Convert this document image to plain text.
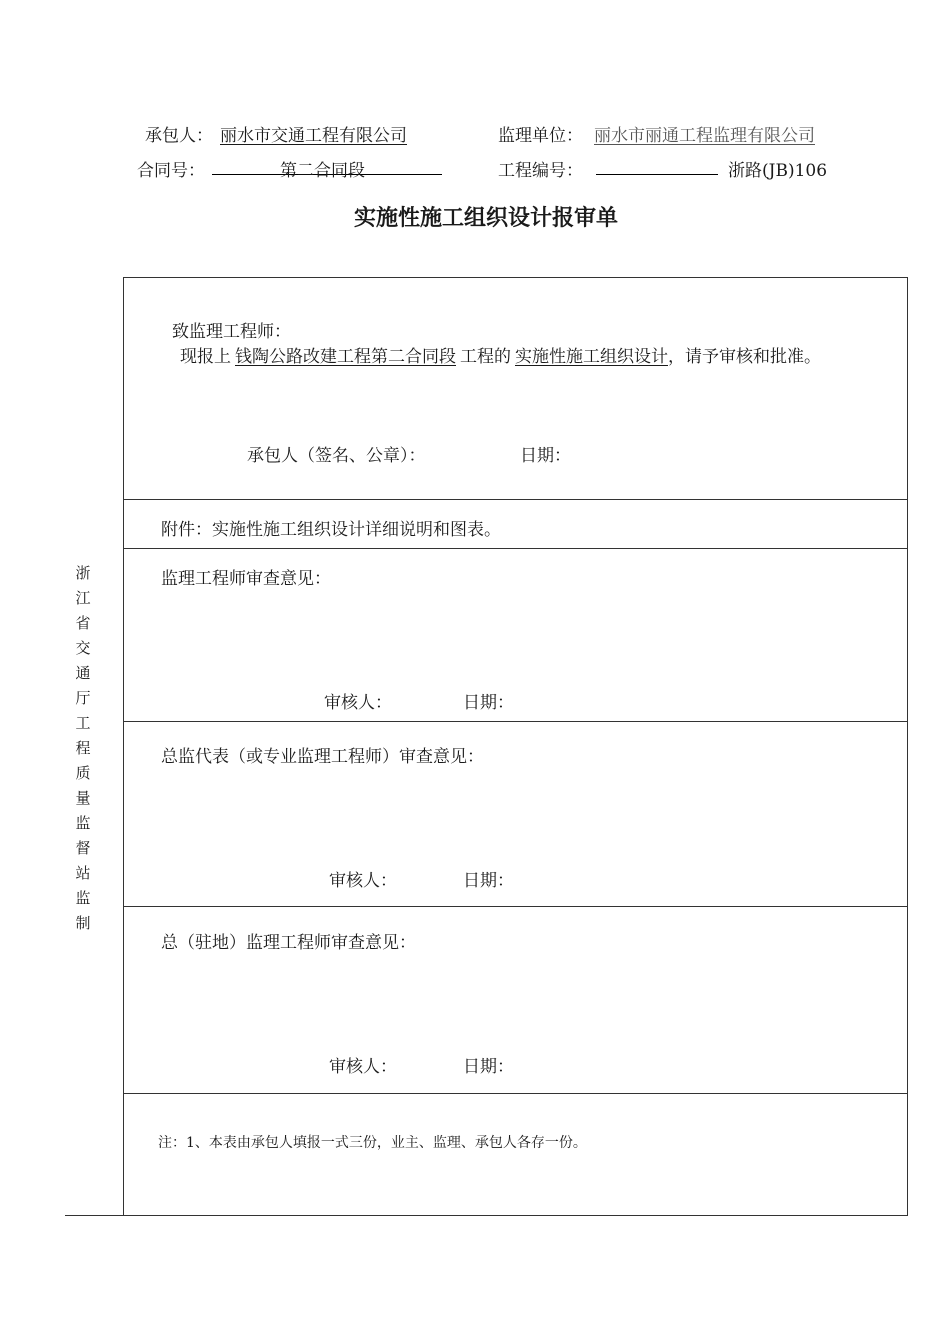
承包人： 丽水市交通工程有限公司	监理单位： 丽水市丽通工程监理有限公司
合同号：	第二合同段	工程编号：	浙路(JB)106
实施性施工组织设计报审单
浙江省交通厅工程质量监督站监制
致监理工程师：
现报上 钱陶公路改建工程第二合同段 工程的 实施性施工组织设计，请予审核和批准。
承包人（签名、公章）：	日期：
附件：实施性施工组织设计详细说明和图表。
监理工程师审查意见：
审核人：	日期：
总监代表（或专业监理工程师）审查意见：
审核人：	日期：
总（驻地）监理工程师审查意见：
审核人：	日期：
注：1、本表由承包人填报一式三份，业主、监理、承包人各存一份。
